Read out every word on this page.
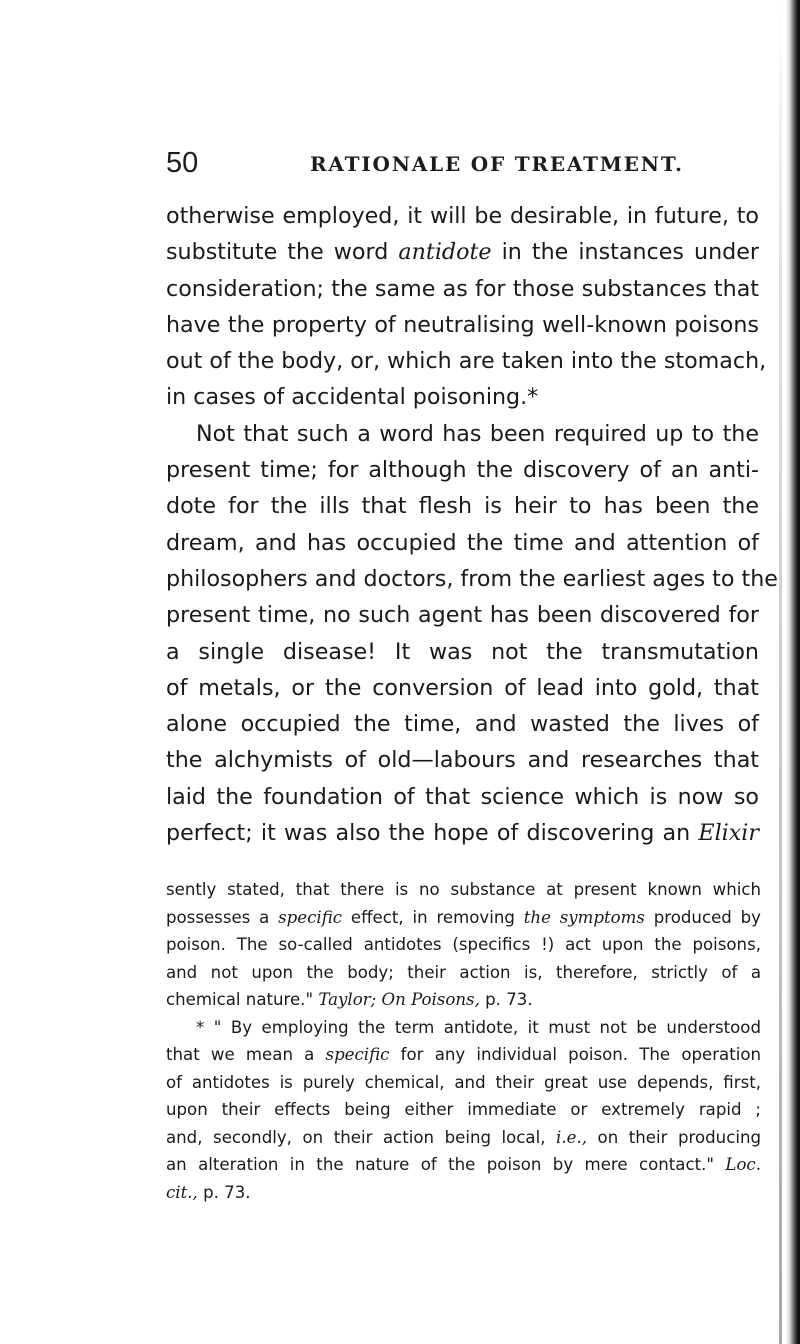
50	RATIONALE OF TREATMENT.
otherwise employed, it will be desirable, in future, to
substitute the word antidote in the instances under
consideration; the same as for those substances that
have the property of neutralising well-known poisons
out of the body, or, which are taken into the stomach,
in cases of accidental poisoning.*
Not that such a word has been required up to the
present time; for although the discovery of an anti-
dote for the ills that flesh is heir to has been the
dream, and has occupied the time and attention of
philosophers and doctors, from the earliest ages to the
present time, no such agent has been discovered for
a single disease! It was not the transmutation
of metals, or the conversion of lead into gold, that
alone occupied the time, and wasted the lives of
the alchymists of old—labours and researches that
laid the foundation of that science which is now so
perfect; it was also the hope of discovering an Elixir
sently stated, that there is no substance at present known which
possesses a specific effect, in removing the symptoms produced by
poison. The so-called antidotes (specifics !) act upon the poisons,
and not upon the body; their action is, therefore, strictly of a
chemical nature." Taylor; On Poisons, p. 73.
* " By employing the term antidote, it must not be understood
that we mean a specific for any individual poison. The operation
of antidotes is purely chemical, and their great use depends, first,
upon their effects being either immediate or extremely rapid ;
and, secondly, on their action being local, i.e., on their producing
an alteration in the nature of the poison by mere contact." Loc.
cit., p. 73.
